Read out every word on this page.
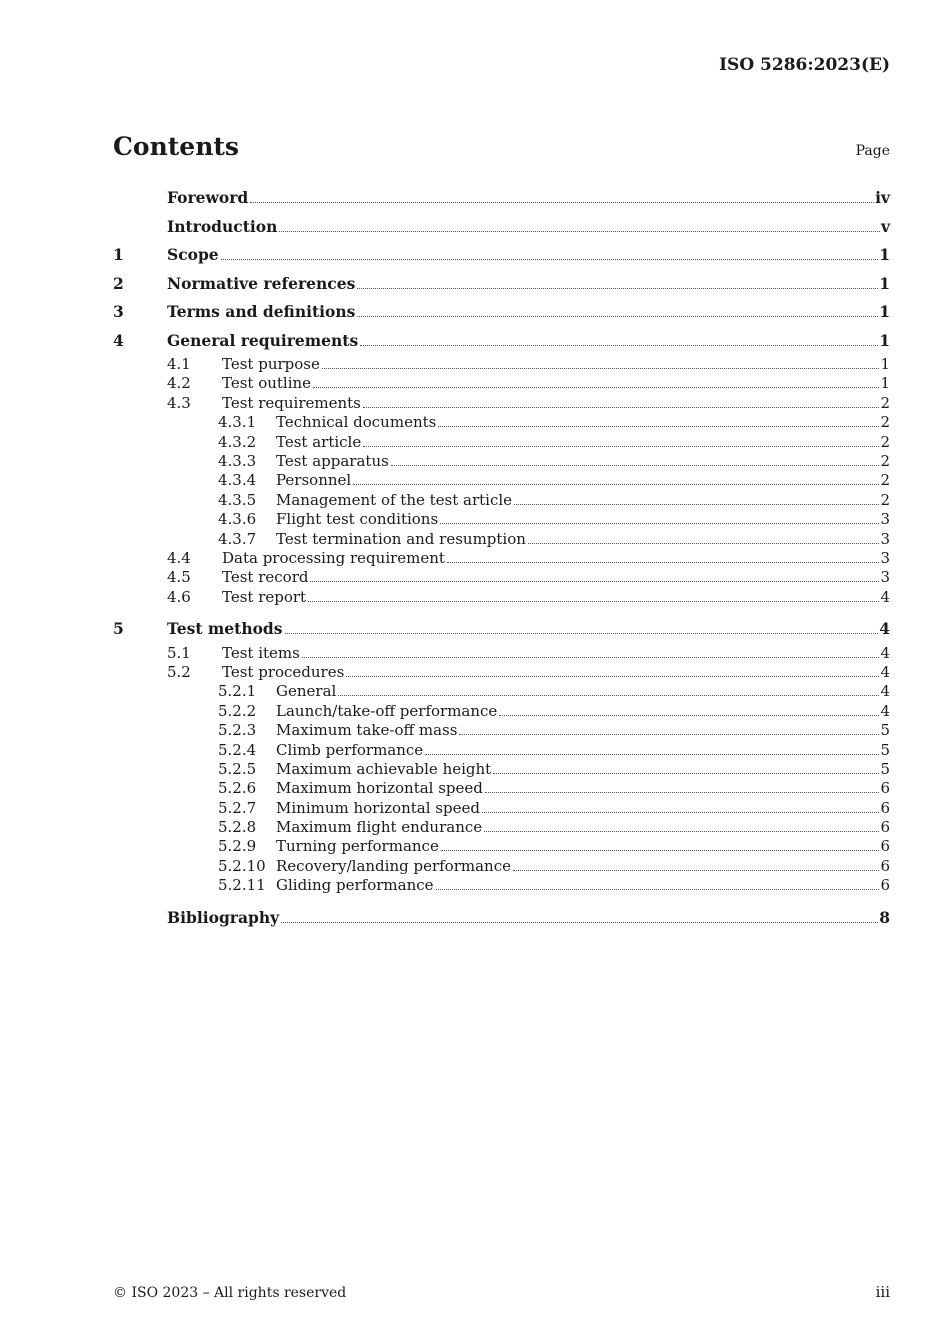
ISO 5286:2023(E)
Contents	Page
Foreword	iv
Introduction	v
1	Scope	1
2	Normative references	1
3	Terms and definitions	1
4	General requirements	1
4.1	Test purpose	1
4.2	Test outline	1
4.3	Test requirements	2
4.3.1	Technical documents	2
4.3.2	Test article	2
4.3.3	Test apparatus	2
4.3.4	Personnel	2
4.3.5	Management of the test article	2
4.3.6	Flight test conditions	3
4.3.7	Test termination and resumption	3
4.4	Data processing requirement	3
4.5	Test record	3
4.6	Test report	4
5	Test methods	4
5.1	Test items	4
5.2	Test procedures	4
5.2.1	General	4
5.2.2	Launch/take-off performance	4
5.2.3	Maximum take-off mass	5
5.2.4	Climb performance	5
5.2.5	Maximum achievable height	5
5.2.6	Maximum horizontal speed	6
5.2.7	Minimum horizontal speed	6
5.2.8	Maximum flight endurance	6
5.2.9	Turning performance	6
5.2.10 Recovery/landing performance	6
5.2.11 Gliding performance	6
Bibliography	8
© ISO 2023 – All rights reserved	iii
